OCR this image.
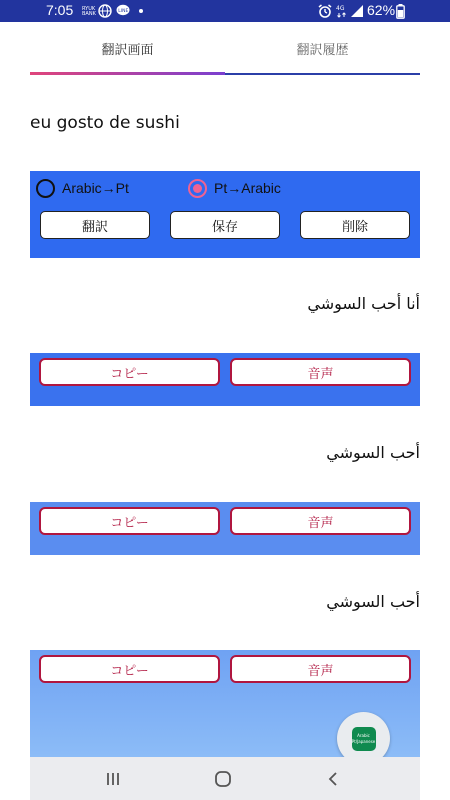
7:05 RYUK
BANK	LINE	4G 62%
翻訳画面	翻訳履歴
eu gosto de sushi
Arabic→Pt	Pt→Arabic
翻訳	保存	削除
أنا أحب السوشي
コピー	音声
أحب السوشي
コピー	音声
أحب السوشي
コピー	音声
Arabic
Pt/Japanese
